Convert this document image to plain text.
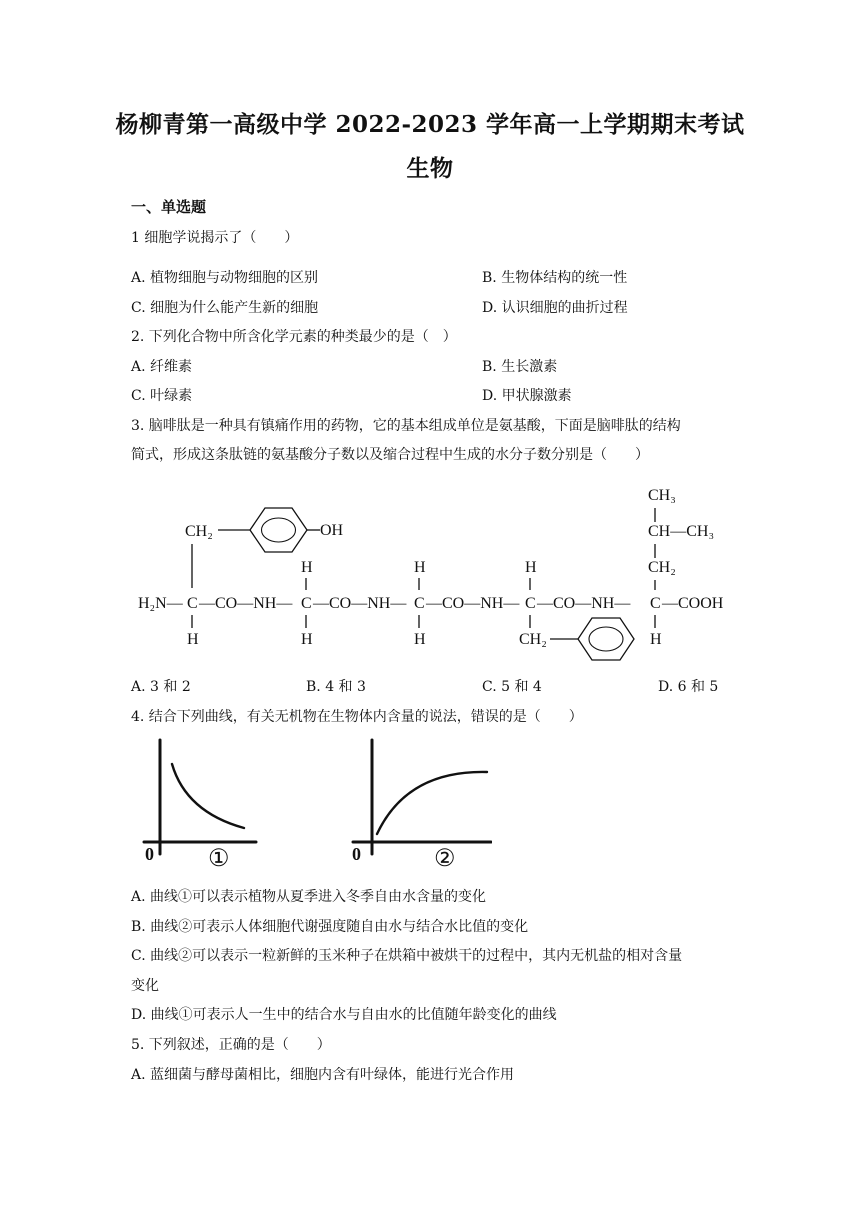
杨柳青第一高级中学 2022-2023 学年高一上学期期末考试
生物
一、单选题
1 细胞学说揭示了（　　）
A. 植物细胞与动物细胞的区别	B. 生物体结构的统一性
C. 细胞为什么能产生新的细胞	D. 认识细胞的曲折过程
2. 下列化合物中所含化学元素的种类最少的是（　）
A. 纤维素	B. 生长激素
C. 叶绿素	D. 甲状腺激素
3. 脑啡肽是一种具有镇痛作用的药物，它的基本组成单位是氨基酸，下面是脑啡肽的结构
简式，形成这条肽链的氨基酸分子数以及缩合过程中生成的水分子数分别是（　　）
CH₃
CH—CH₃
CH₂
CH₂	OH
H	H	H
H₂N— C —CO—NH— C —CO—NH— C —CO—NH— C —CO—NH— C —COOH
H	H	H	CH₂	H
A. 3 和 2	B. 4 和 3	C. 5 和 4	D. 6 和 5
4. 结合下列曲线，有关无机物在生物体内含量的说法，错误的是（　　）
0 ①	0	②
A. 曲线①可以表示植物从夏季进入冬季自由水含量的变化
B. 曲线②可表示人体细胞代谢强度随自由水与结合水比值的变化
C. 曲线②可以表示一粒新鲜的玉米种子在烘箱中被烘干的过程中，其内无机盐的相对含量
变化
D. 曲线①可表示人一生中的结合水与自由水的比值随年龄变化的曲线
5. 下列叙述，正确的是（　　）
A. 蓝细菌与酵母菌相比，细胞内含有叶绿体，能进行光合作用
